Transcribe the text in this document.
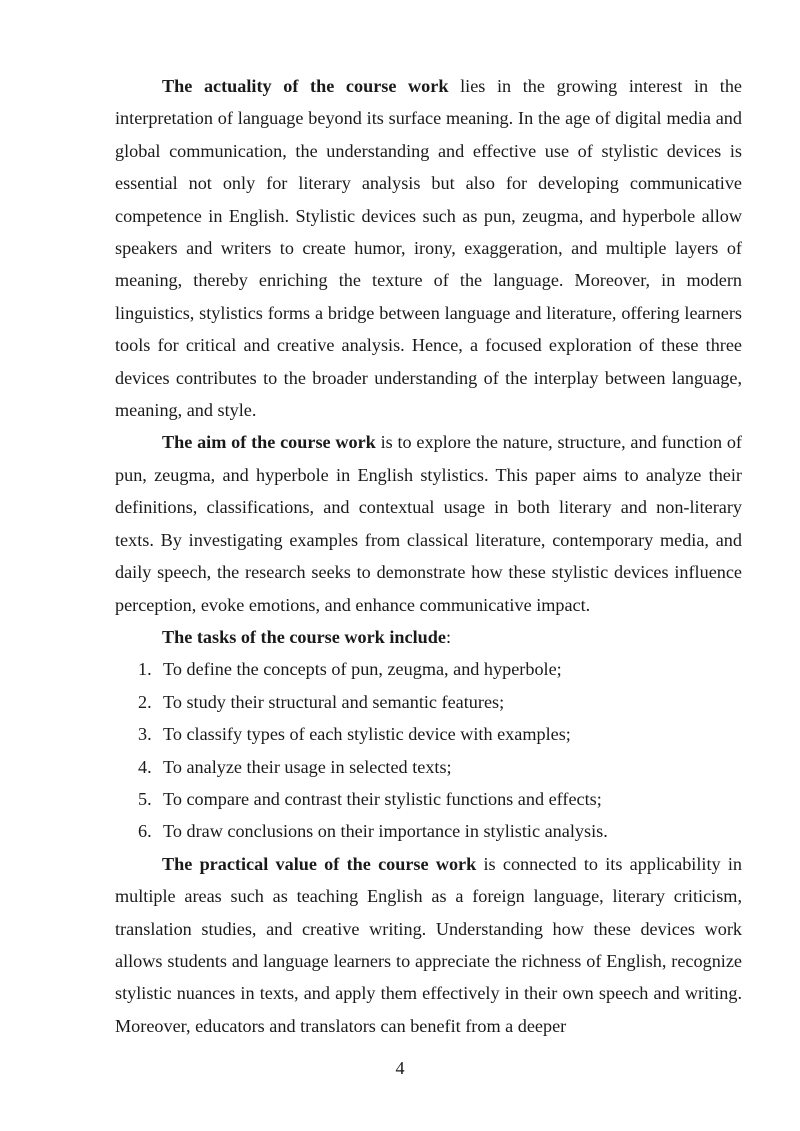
The actuality of the course work lies in the growing interest in the interpretation of language beyond its surface meaning. In the age of digital media and global communication, the understanding and effective use of stylistic devices is essential not only for literary analysis but also for developing communicative competence in English. Stylistic devices such as pun, zeugma, and hyperbole allow speakers and writers to create humor, irony, exaggeration, and multiple layers of meaning, thereby enriching the texture of the language. Moreover, in modern linguistics, stylistics forms a bridge between language and literature, offering learners tools for critical and creative analysis. Hence, a focused exploration of these three devices contributes to the broader understanding of the interplay between language, meaning, and style.

The aim of the course work is to explore the nature, structure, and function of pun, zeugma, and hyperbole in English stylistics. This paper aims to analyze their definitions, classifications, and contextual usage in both literary and non-literary texts. By investigating examples from classical literature, contemporary media, and daily speech, the research seeks to demonstrate how these stylistic devices influence perception, evoke emotions, and enhance communicative impact.

The tasks of the course work include:

1. To define the concepts of pun, zeugma, and hyperbole;
2. To study their structural and semantic features;
3. To classify types of each stylistic device with examples;
4. To analyze their usage in selected texts;
5. To compare and contrast their stylistic functions and effects;
6. To draw conclusions on their importance in stylistic analysis.

The practical value of the course work is connected to its applicability in multiple areas such as teaching English as a foreign language, literary criticism, translation studies, and creative writing. Understanding how these devices work allows students and language learners to appreciate the richness of English, recognize stylistic nuances in texts, and apply them effectively in their own speech and writing. Moreover, educators and translators can benefit from a deeper

4
